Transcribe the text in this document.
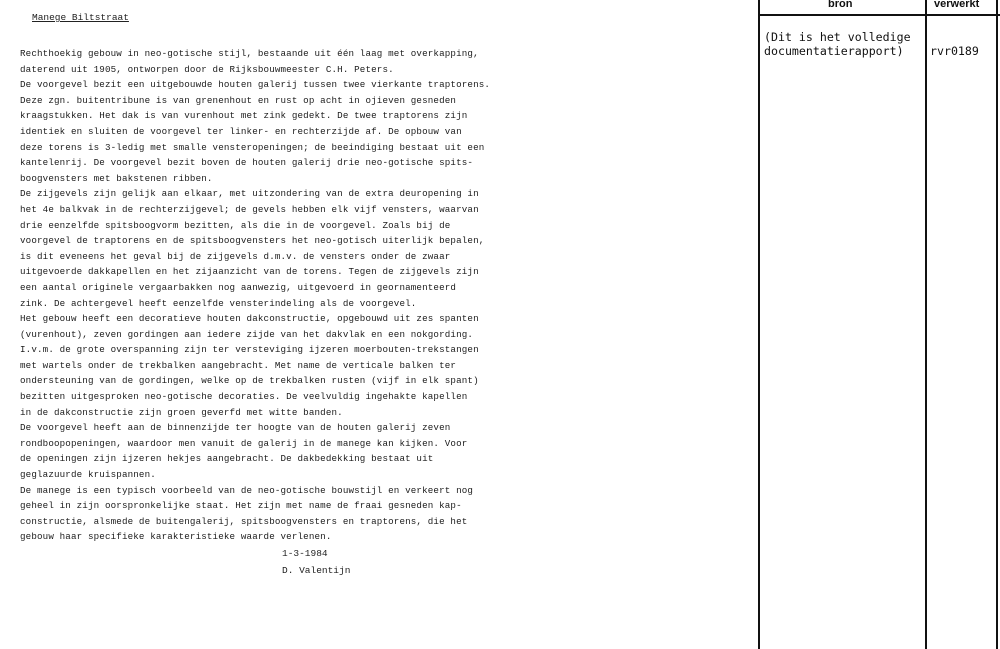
Manege Biltstraat
Rechthoekig gebouw in neo-gotische stijl, bestaande uit één laag met overkapping,
daterend uit 1905, ontworpen door de Rijksbouwmeester C.H. Peters.
De voorgevel bezit een uitgebouwde houten galerij tussen twee vierkante traptorens.
Deze zgn. buitentribune is van grenenhout en rust op acht in ojieven gesneden
kraagstukken. Het dak is van vurenhout met zink gedekt. De twee traptorens zijn
identiek en sluiten de voorgevel ter linker- en rechterzijde af. De opbouw van
deze torens is 3-ledig met smalle vensteropeningen; de beeindiging bestaat uit een
kantelenrij. De voorgevel bezit boven de houten galerij drie neo-gotische spits-
boogvensters met bakstenen ribben.
De zijgevels zijn gelijk aan elkaar, met uitzondering van de extra deuropening in
het 4e balkvak in de rechterzijgevel; de gevels hebben elk vijf vensters, waarvan
drie eenzelfde spitsboogvorm bezitten, als die in de voorgevel. Zoals bij de
voorgevel de traptorens en de spitsboogvensters het neo-gotisch uiterlijk bepalen,
is dit eveneens het geval bij de zijgevels d.m.v. de vensters onder de zwaar
uitgevoerde dakkapellen en het zijaanzicht van de torens. Tegen de zijgevels zijn
een aantal originele vergaarbakken nog aanwezig, uitgevoerd in geornamenteerd
zink. De achtergevel heeft eenzelfde vensterindeling als de voorgevel.
Het gebouw heeft een decoratieve houten dakconstructie, opgebouwd uit zes spanten
(vurenhout), zeven gordingen aan iedere zijde van het dakvlak en een nokgording.
I.v.m. de grote overspanning zijn ter versteviging ijzeren moerbouten-trekstangen
met wartels onder de trekbalken aangebracht. Met name de verticale balken ter
ondersteuning van de gordingen, welke op de trekbalken rusten (vijf in elk spant)
bezitten uitgesproken neo-gotische decoraties. De veelvuldig ingehakte kapellen
in de dakconstructie zijn groen geverfd met witte banden.
De voorgevel heeft aan de binnenzijde ter hoogte van de houten galerij zeven
rondboopopeningen, waardoor men vanuit de galerij in de manege kan kijken. Voor
de openingen zijn ijzeren hekjes aangebracht. De dakbedekking bestaat uit
geglazuurde kruispannen.
De manege is een typisch voorbeeld van de neo-gotische bouwstijl en verkeert nog
geheel in zijn oorspronkelijke staat. Het zijn met name de fraai gesneden kap-
constructie, alsmede de buitengalerij, spitsboogvensters en traptorens, die het
gebouw haar specifieke karakteristieke waarde verlenen.
1-3-1984
D. Valentijn
bron	verwerkt
(Dit is het volledige documentatierapport)	rvr0189
